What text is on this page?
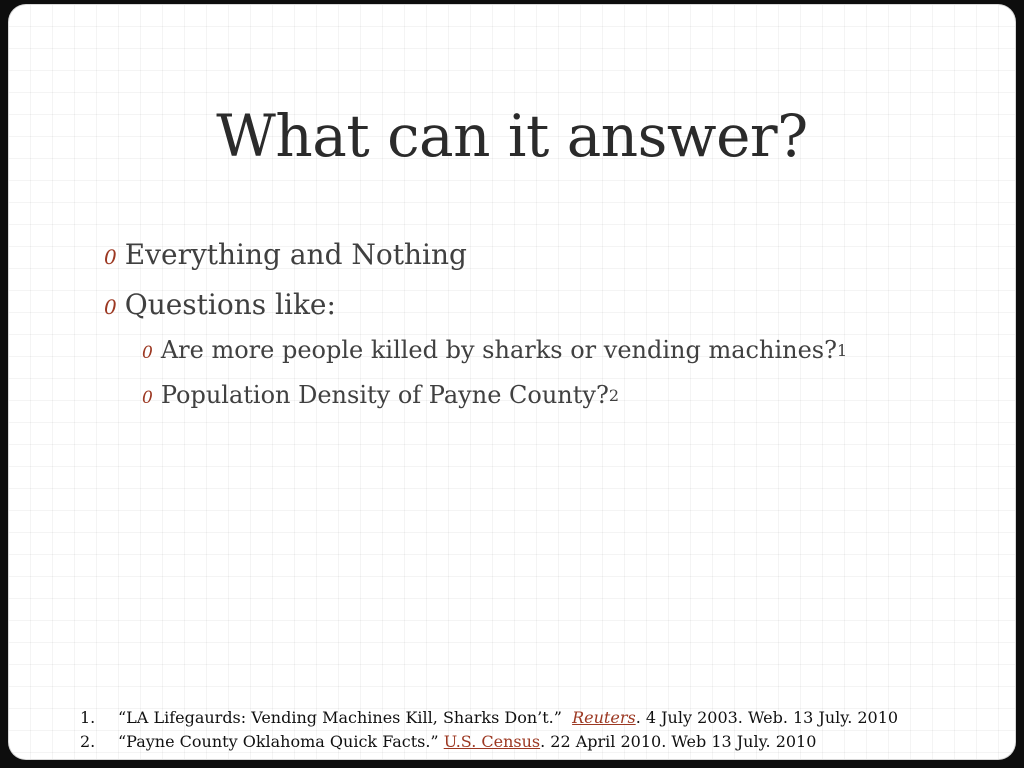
What can it answer?
0 Everything and Nothing
0 Questions like:
0 Are more people killed by sharks or vending machines?$^1$
0 Population Density of Payne County?$^2$
1.	“LA Lifegaurds: Vending Machines Kill, Sharks Don’t.” Reuters . 4 July 2003. Web. 13 July. 2010
2.	“Payne County Oklahoma Quick Facts.” U.S. Census . 22 April 2010. Web 13 July. 2010
